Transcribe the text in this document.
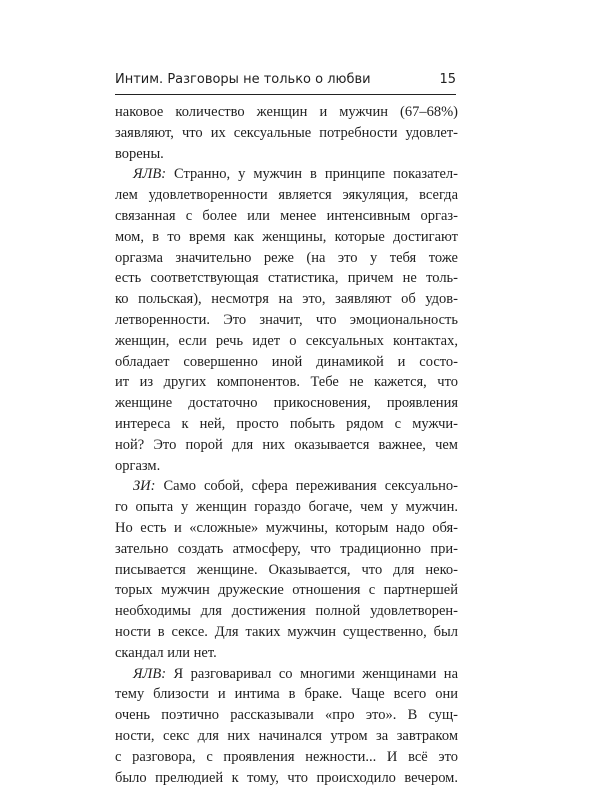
Интим. Разговоры не только о любви	15
наковое количество женщин и мужчин (67–68%)
заявляют, что их сексуальные потребности удовлет-
ворены.
ЯЛВ: Странно, у мужчин в принципе показател-
лем удовлетворенности является эякуляция, всегда
связанная с более или менее интенсивным оргаз-
мом, в то время как женщины, которые достигают
оргазма значительно реже (на это у тебя тоже
есть соответствующая статистика, причем не толь-
ко польская), несмотря на это, заявляют об удов-
летворенности. Это значит, что эмоциональность
женщин, если речь идет о сексуальных контактах,
обладает совершенно иной динамикой и состо-
ит из других компонентов. Тебе не кажется, что
женщине достаточно прикосновения, проявления
интереса к ней, просто побыть рядом с мужчи-
ной? Это порой для них оказывается важнее, чем
оргазм.
ЗИ: Само собой, сфера переживания сексуально-
го опыта у женщин гораздо богаче, чем у мужчин.
Но есть и «сложные» мужчины, которым надо обя-
зательно создать атмосферу, что традиционно при-
писывается женщине. Оказывается, что для неко-
торых мужчин дружеские отношения с партнершей
необходимы для достижения полной удовлетворен-
ности в сексе. Для таких мужчин существенно, был
скандал или нет.
ЯЛВ: Я разговаривал со многими женщинами на
тему близости и интима в браке. Чаще всего они
очень поэтично рассказывали «про это». В сущ-
ности, секс для них начинался утром за завтраком
с разговора, с проявления нежности... И всё это
было прелюдией к тому, что происходило вечером.
